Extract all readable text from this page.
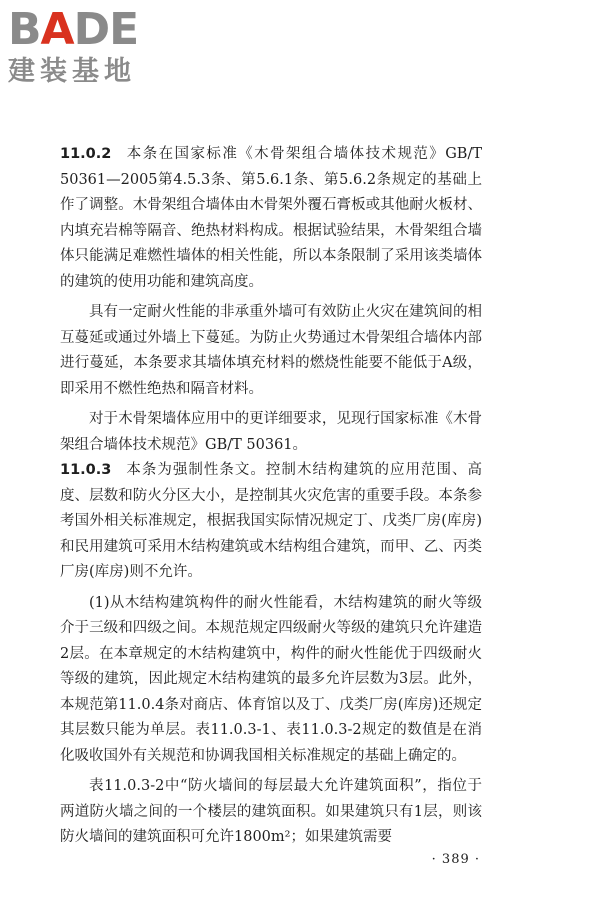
BADE
建装基地

11.0.2 本条在国家标准《木骨架组合墙体技术规范》GB/T 50361—2005第4.5.3条、第5.6.1条、第5.6.2条规定的基础上作了调整。木骨架组合墙体由木骨架外覆石膏板或其他耐火板材、内填充岩棉等隔音、绝热材料构成。根据试验结果，木骨架组合墙体只能满足难燃性墙体的相关性能，所以本条限制了采用该类墙体的建筑的使用功能和建筑高度。

具有一定耐火性能的非承重外墙可有效防止火灾在建筑间的相互蔓延或通过外墙上下蔓延。为防止火势通过木骨架组合墙体内部进行蔓延，本条要求其墙体填充材料的燃烧性能要不能低于A级，即采用不燃性绝热和隔音材料。

对于木骨架墙体应用中的更详细要求，见现行国家标准《木骨架组合墙体技术规范》GB/T 50361。

11.0.3 本条为强制性条文。控制木结构建筑的应用范围、高度、层数和防火分区大小，是控制其火灾危害的重要手段。本条参考国外相关标准规定，根据我国实际情况规定丁、戊类厂房(库房)和民用建筑可采用木结构建筑或木结构组合建筑，而甲、乙、丙类厂房(库房)则不允许。

(1)从木结构建筑构件的耐火性能看，木结构建筑的耐火等级介于三级和四级之间。本规范规定四级耐火等级的建筑只允许建造2层。在本章规定的木结构建筑中，构件的耐火性能优于四级耐火等级的建筑，因此规定木结构建筑的最多允许层数为3层。此外，本规范第11.0.4条对商店、体育馆以及丁、戊类厂房(库房)还规定其层数只能为单层。表11.0.3-1、表11.0.3-2规定的数值是在消化吸收国外有关规范和协调我国相关标准规定的基础上确定的。

表11.0.3-2中“防火墙间的每层最大允许建筑面积”，指位于两道防火墙之间的一个楼层的建筑面积。如果建筑只有1层，则该防火墙间的建筑面积可允许1800m²；如果建筑需要

· 389 ·
